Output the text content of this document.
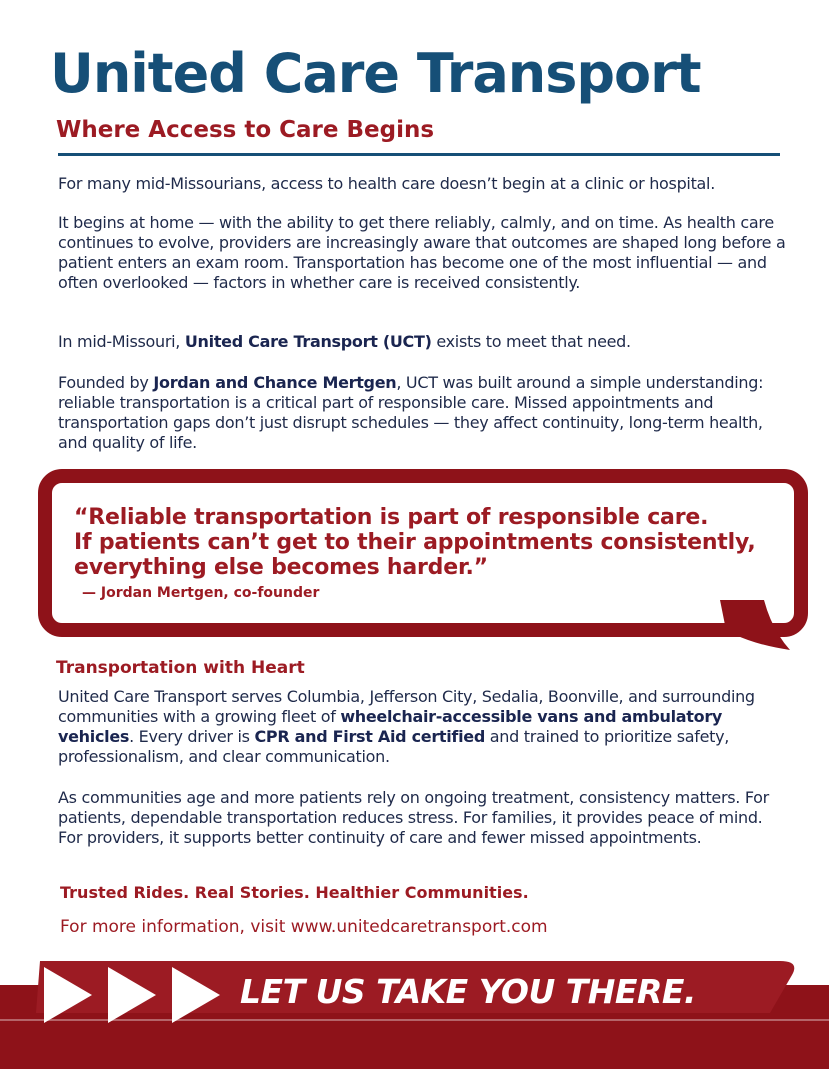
United Care Transport
Where Access to Care Begins

For many mid-Missourians, access to health care doesn’t begin at a clinic or hospital.

It begins at home — with the ability to get there reliably, calmly, and on time. As health care continues to evolve, providers are increasingly aware that outcomes are shaped long before a patient enters an exam room. Transportation has become one of the most influential — and often overlooked — factors in whether care is received consistently.

In mid-Missouri, United Care Transport (UCT) exists to meet that need.

Founded by Jordan and Chance Mertgen, UCT was built around a simple understanding: reliable transportation is a critical part of responsible care. Missed appointments and transportation gaps don’t just disrupt schedules — they affect continuity, long-term health, and quality of life.

“Reliable transportation is part of responsible care.
If patients can’t get to their appointments consistently,
everything else becomes harder.”
— Jordan Mertgen, co-founder
Transportation with Heart

United Care Transport serves Columbia, Jefferson City, Sedalia, Boonville, and surrounding communities with a growing fleet of wheelchair-accessible vans and ambulatory vehicles. Every driver is CPR and First Aid certified and trained to prioritize safety, professionalism, and clear communication.

As communities age and more patients rely on ongoing treatment, consistency matters. For patients, dependable transportation reduces stress. For families, it provides peace of mind. For providers, it supports better continuity of care and fewer missed appointments.

Trusted Rides. Real Stories. Healthier Communities.
For more information, visit www.unitedcaretransport.com
LET US TAKE YOU THERE.
